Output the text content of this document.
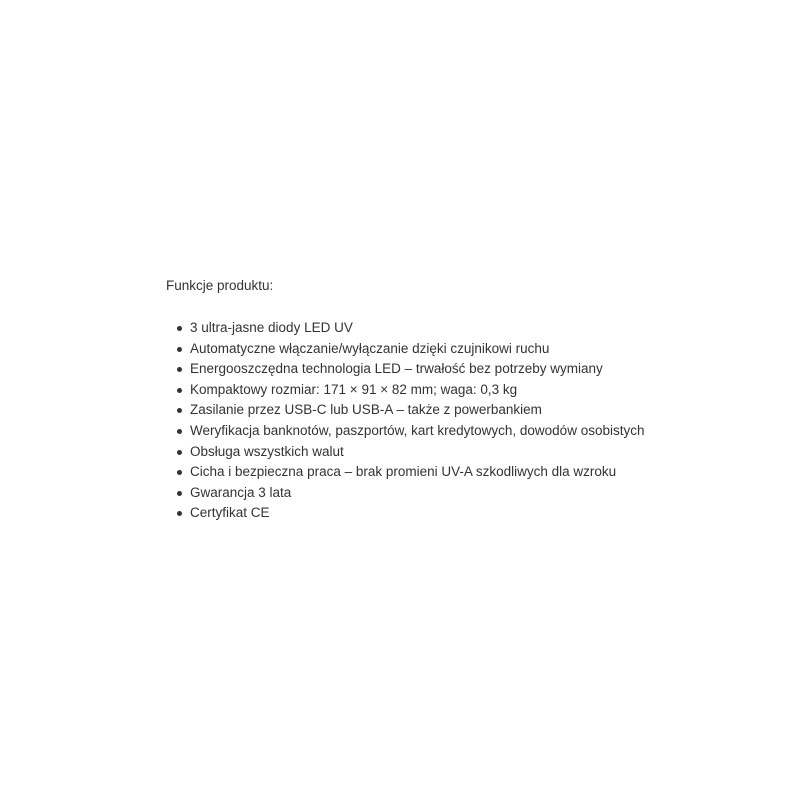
Funkcje produktu:

3 ultra-jasne diody LED UV
Automatyczne włączanie/wyłączanie dzięki czujnikowi ruchu
Energooszczędna technologia LED – trwałość bez potrzeby wymiany
Kompaktowy rozmiar: 171 × 91 × 82 mm; waga: 0,3 kg
Zasilanie przez USB-C lub USB-A – także z powerbankiem
Weryfikacja banknotów, paszportów, kart kredytowych, dowodów osobistych
Obsługa wszystkich walut
Cicha i bezpieczna praca – brak promieni UV-A szkodliwych dla wzroku
Gwarancja 3 lata
Certyfikat CE
